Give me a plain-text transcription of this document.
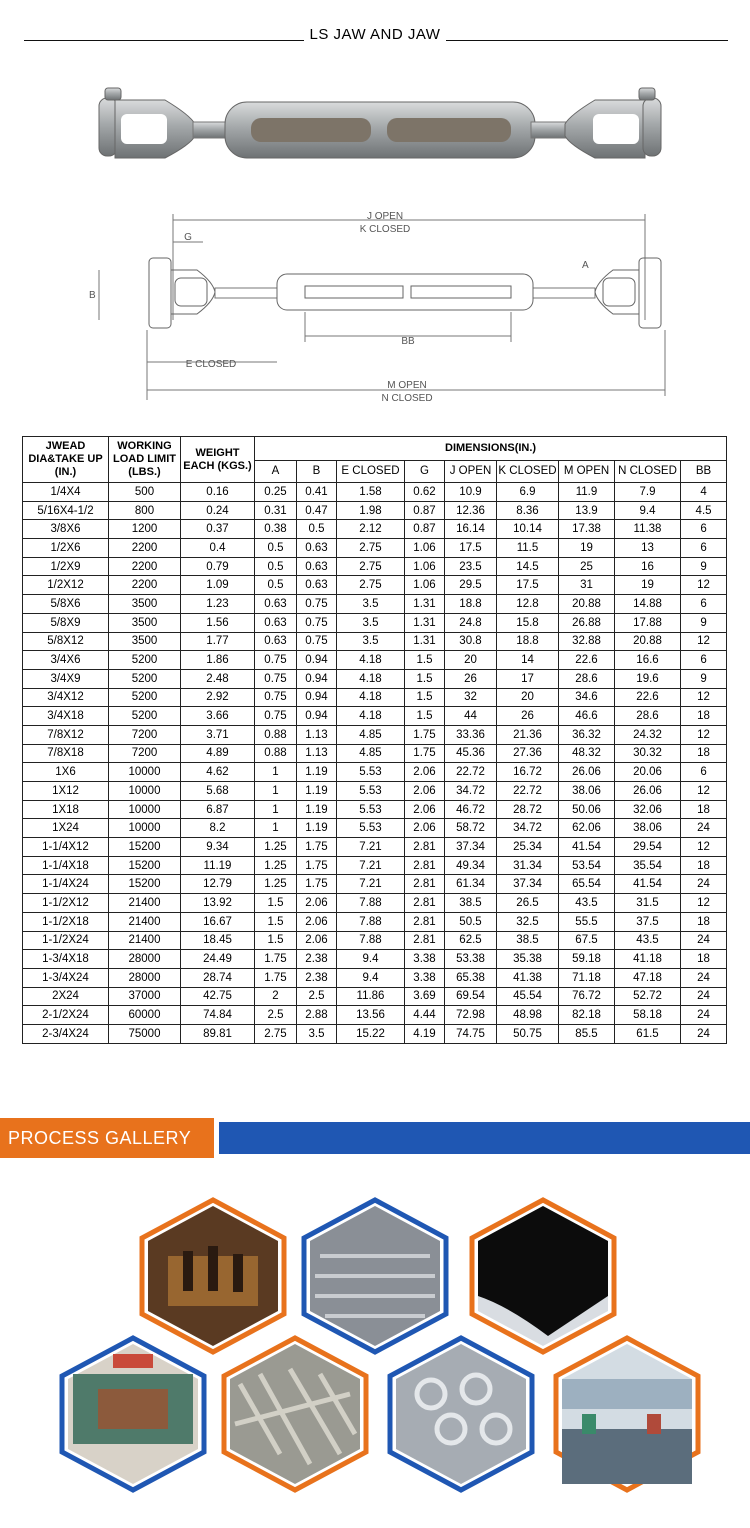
LS JAW AND JAW
J OPEN
K CLOSED
G
A
B
BB
E CLOSED
M OPEN
N CLOSED
JWEAD DIA&TAKE UP (IN.)	WORKING LOAD LIMIT (LBS.)	WEIGHT EACH (KGS.)	DIMENSIONS(IN.)								
			A	B	E CLOSED	G	J OPEN	K CLOSED	M OPEN	N CLOSED	BB
1/4X4	500	0.16	0.25	0.41	1.58	0.62	10.9	6.9	11.9	7.9	4
5/16X4-1/2	800	0.24	0.31	0.47	1.98	0.87	12.36	8.36	13.9	9.4	4.5
3/8X6	1200	0.37	0.38	0.5	2.12	0.87	16.14	10.14	17.38	11.38	6
1/2X6	2200	0.4	0.5	0.63	2.75	1.06	17.5	11.5	19	13	6
1/2X9	2200	0.79	0.5	0.63	2.75	1.06	23.5	14.5	25	16	9
1/2X12	2200	1.09	0.5	0.63	2.75	1.06	29.5	17.5	31	19	12
5/8X6	3500	1.23	0.63	0.75	3.5	1.31	18.8	12.8	20.88	14.88	6
5/8X9	3500	1.56	0.63	0.75	3.5	1.31	24.8	15.8	26.88	17.88	9
5/8X12	3500	1.77	0.63	0.75	3.5	1.31	30.8	18.8	32.88	20.88	12
3/4X6	5200	1.86	0.75	0.94	4.18	1.5	20	14	22.6	16.6	6
3/4X9	5200	2.48	0.75	0.94	4.18	1.5	26	17	28.6	19.6	9
3/4X12	5200	2.92	0.75	0.94	4.18	1.5	32	20	34.6	22.6	12
3/4X18	5200	3.66	0.75	0.94	4.18	1.5	44	26	46.6	28.6	18
7/8X12	7200	3.71	0.88	1.13	4.85	1.75	33.36	21.36	36.32	24.32	12
7/8X18	7200	4.89	0.88	1.13	4.85	1.75	45.36	27.36	48.32	30.32	18
1X6	10000	4.62	1	1.19	5.53	2.06	22.72	16.72	26.06	20.06	6
1X12	10000	5.68	1	1.19	5.53	2.06	34.72	22.72	38.06	26.06	12
1X18	10000	6.87	1	1.19	5.53	2.06	46.72	28.72	50.06	32.06	18
1X24	10000	8.2	1	1.19	5.53	2.06	58.72	34.72	62.06	38.06	24
1-1/4X12	15200	9.34	1.25	1.75	7.21	2.81	37.34	25.34	41.54	29.54	12
1-1/4X18	15200	11.19	1.25	1.75	7.21	2.81	49.34	31.34	53.54	35.54	18
1-1/4X24	15200	12.79	1.25	1.75	7.21	2.81	61.34	37.34	65.54	41.54	24
1-1/2X12	21400	13.92	1.5	2.06	7.88	2.81	38.5	26.5	43.5	31.5	12
1-1/2X18	21400	16.67	1.5	2.06	7.88	2.81	50.5	32.5	55.5	37.5	18
1-1/2X24	21400	18.45	1.5	2.06	7.88	2.81	62.5	38.5	67.5	43.5	24
1-3/4X18	28000	24.49	1.75	2.38	9.4	3.38	53.38	35.38	59.18	41.18	18
1-3/4X24	28000	28.74	1.75	2.38	9.4	3.38	65.38	41.38	71.18	47.18	24
2X24	37000	42.75	2	2.5	11.86	3.69	69.54	45.54	76.72	52.72	24
2-1/2X24	60000	74.84	2.5	2.88	13.56	4.44	72.98	48.98	82.18	58.18	24
2-3/4X24	75000	89.81	2.75	3.5	15.22	4.19	74.75	50.75	85.5	61.5	24
PROCESS GALLERY
